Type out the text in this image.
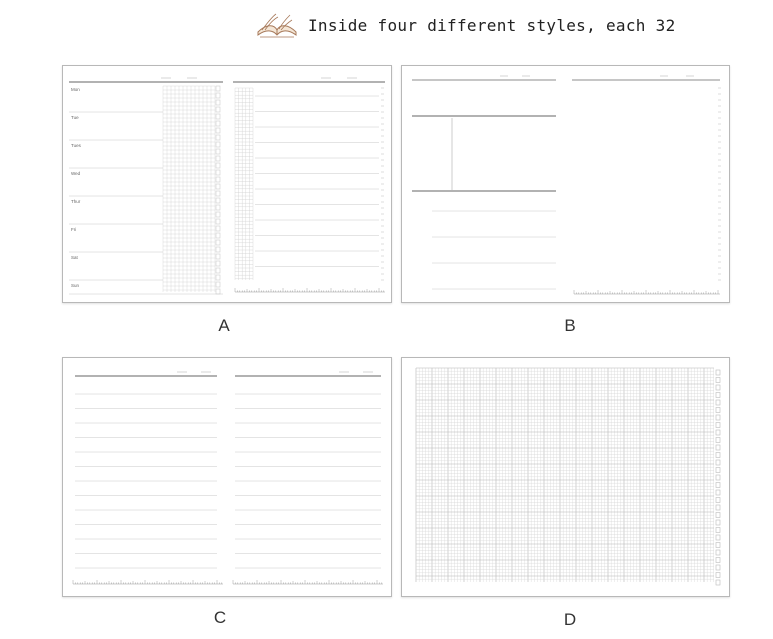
Inside four different styles, each 32
Mon
Tue
Tues
Wed
Thur
Fri
Sat
Sun
A	B
C	D
